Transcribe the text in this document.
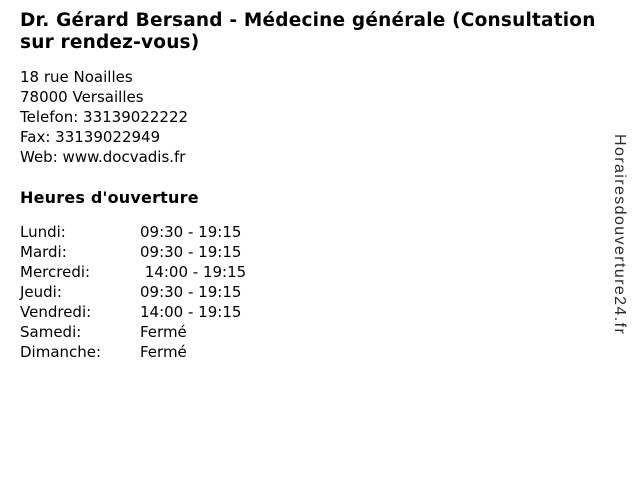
Dr. Gérard Bersand - Médecine générale (Consultation sur rendez-vous)
18 rue Noailles
78000 Versailles
Telefon: 33139022222
Fax: 33139022949
Web: www.docvadis.fr
Heures d'ouverture
Lundi:	09:30 - 19:15
Mardi:	09:30 - 19:15
Mercredi:	14:00 - 19:15
Jeudi:	09:30 - 19:15
Vendredi:	14:00 - 19:15
Samedi:	Fermé
Dimanche:	Fermé
Horairesdouverture24.fr
